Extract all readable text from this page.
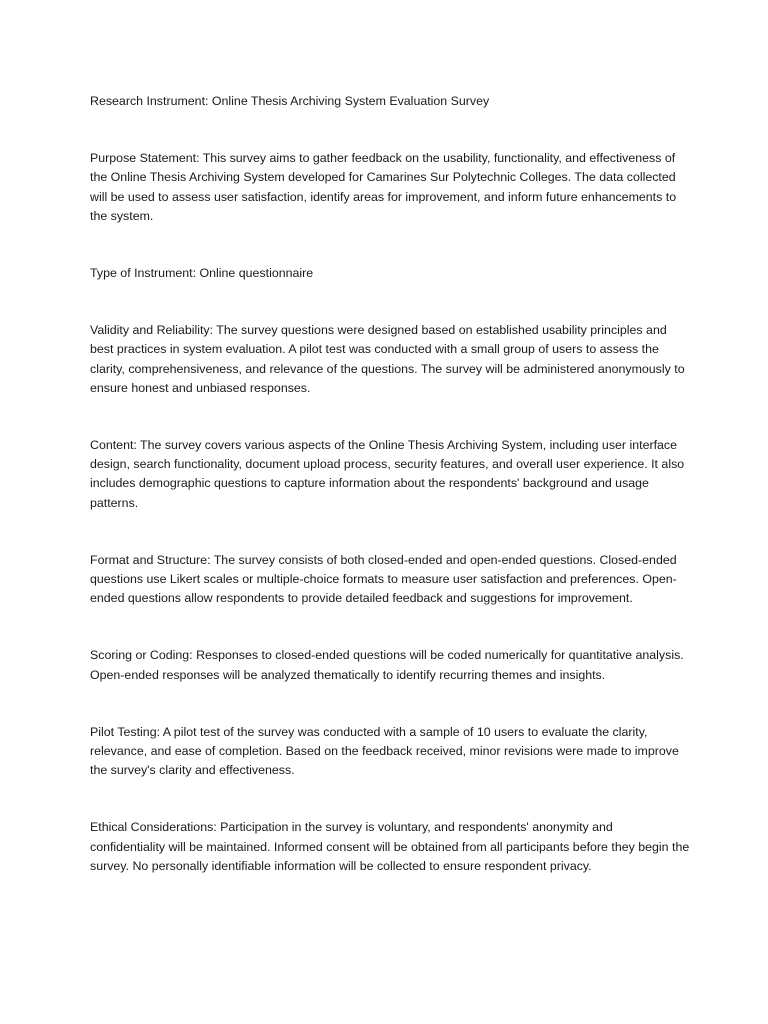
Research Instrument: Online Thesis Archiving System Evaluation Survey

Purpose Statement: This survey aims to gather feedback on the usability, functionality, and effectiveness of the Online Thesis Archiving System developed for Camarines Sur Polytechnic Colleges. The data collected will be used to assess user satisfaction, identify areas for improvement, and inform future enhancements to the system.

Type of Instrument: Online questionnaire

Validity and Reliability: The survey questions were designed based on established usability principles and best practices in system evaluation. A pilot test was conducted with a small group of users to assess the clarity, comprehensiveness, and relevance of the questions. The survey will be administered anonymously to ensure honest and unbiased responses.

Content: The survey covers various aspects of the Online Thesis Archiving System, including user interface design, search functionality, document upload process, security features, and overall user experience. It also includes demographic questions to capture information about the respondents' background and usage patterns.

Format and Structure: The survey consists of both closed-ended and open-ended questions. Closed-ended questions use Likert scales or multiple-choice formats to measure user satisfaction and preferences. Open-ended questions allow respondents to provide detailed feedback and suggestions for improvement.

Scoring or Coding: Responses to closed-ended questions will be coded numerically for quantitative analysis. Open-ended responses will be analyzed thematically to identify recurring themes and insights.

Pilot Testing: A pilot test of the survey was conducted with a sample of 10 users to evaluate the clarity, relevance, and ease of completion. Based on the feedback received, minor revisions were made to improve the survey's clarity and effectiveness.

Ethical Considerations: Participation in the survey is voluntary, and respondents' anonymity and confidentiality will be maintained. Informed consent will be obtained from all participants before they begin the survey. No personally identifiable information will be collected to ensure respondent privacy.
